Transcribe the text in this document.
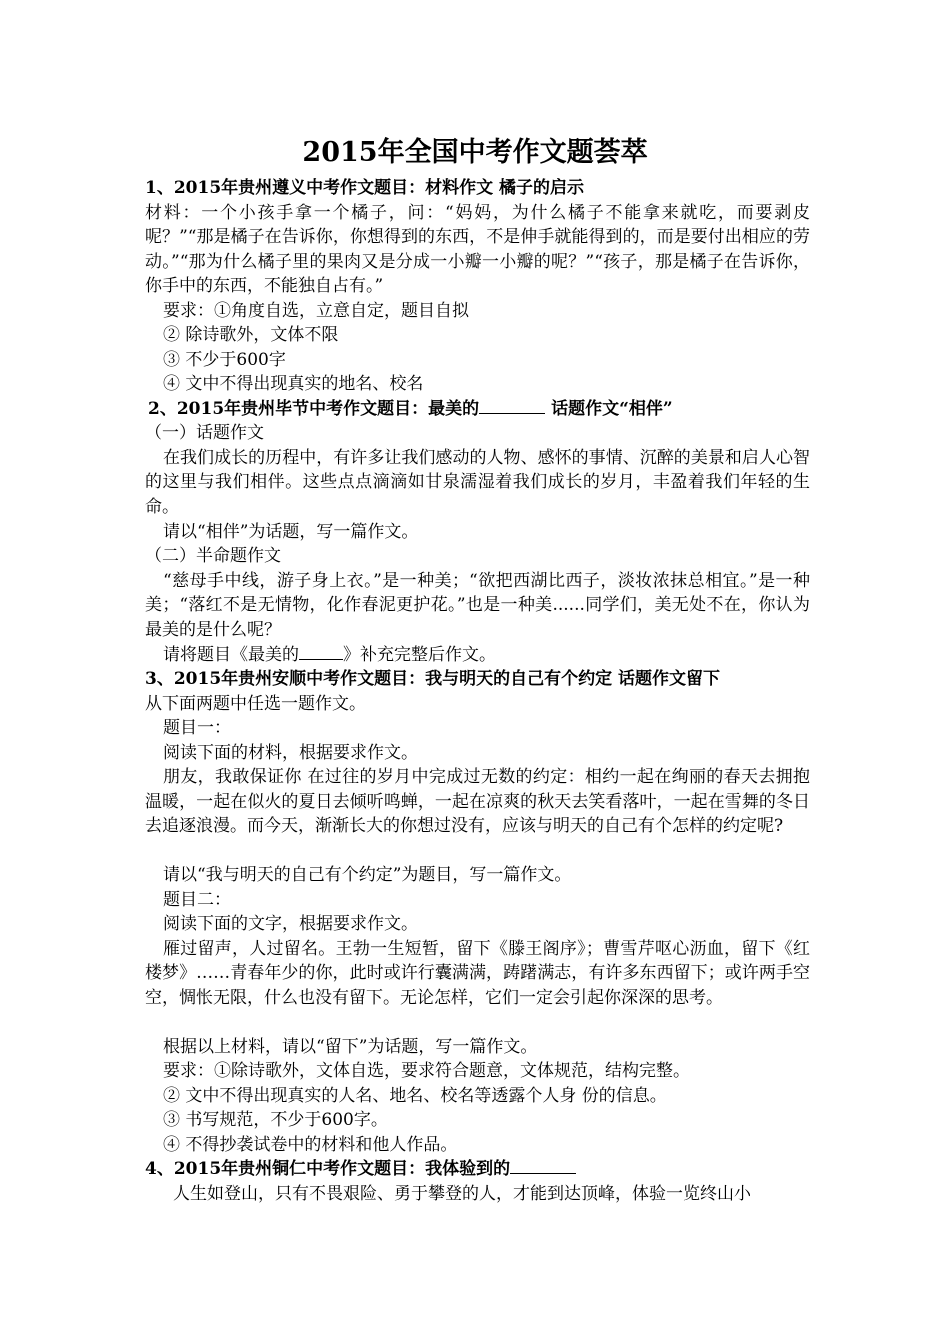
2015年全国中考作文题荟萃
1、2015年贵州遵义中考作文题目：材料作文 橘子的启示
材料：一个小孩手拿一个橘子，问：“妈妈，为什么橘子不能拿来就吃，而要剥皮呢？”“那是橘子在告诉你，你想得到的东西，不是伸手就能得到的，而是要付出相应的劳动。”“那为什么橘子里的果肉又是分成一小瓣一小瓣的呢？”“孩子，那是橘子在告诉你，你手中的东西，不能独自占有。”
要求：①角度自选，立意自定，题目自拟
② 除诗歌外，文体不限
③ 不少于600字
④ 文中不得出现真实的地名、校名
2、2015年贵州毕节中考作文题目：最美的	话题作文“相伴”
（一）话题作文
在我们成长的历程中，有许多让我们感动的人物、感怀的事情、沉醉的美景和启人心智的这里与我们相伴。这些点点滴滴如甘泉濡湿着我们成长的岁月，丰盈着我们年轻的生命。
请以“相伴”为话题，写一篇作文。
（二）半命题作文
“慈母手中线，游子身上衣。”是一种美；“欲把西湖比西子，淡妆浓抹总相宜。”是一种美；“落红不是无情物，化作春泥更护花。”也是一种美......同学们，美无处不在，你认为最美的是什么呢？
请将题目《最美的	》补充完整后作文。
3、2015年贵州安顺中考作文题目：我与明天的自己有个约定 话题作文留下
从下面两题中任选一题作文。
题目一：
阅读下面的材料，根据要求作文。
朋友，我敢保证你 在过往的岁月中完成过无数的约定：相约一起在绚丽的春天去拥抱温暖，一起在似火的夏日去倾听鸣蝉，一起在凉爽的秋天去笑看落叶，一起在雪舞的冬日去追逐浪漫。而今天，渐渐长大的你想过没有，应该与明天的自己有个怎样的约定呢?
请以“我与明天的自己有个约定”为题目，写一篇作文。
题目二：
阅读下面的文字，根据要求作文。
雁过留声，人过留名。王勃一生短暂，留下《滕王阁序》；曹雪芹呕心沥血，留下《红楼梦》……青春年少的你，此时或许行囊满满，踌躇满志，有许多东西留下；或许两手空空，惆怅无限，什么也没有留下。无论怎样，它们一定会引起你深深的思考。
根据以上材料，请以“留下”为话题，写一篇作文。
要求：①除诗歌外，文体自选，要求符合题意，文体规范，结构完整。
② 文中不得出现真实的人名、地名、校名等透露个人身 份的信息。
③ 书写规范，不少于600字。
④ 不得抄袭试卷中的材料和他人作品。
4、2015年贵州铜仁中考作文题目：我体验到的
人生如登山，只有不畏艰险、勇于攀登的人，才能到达顶峰，体验一览终山小
